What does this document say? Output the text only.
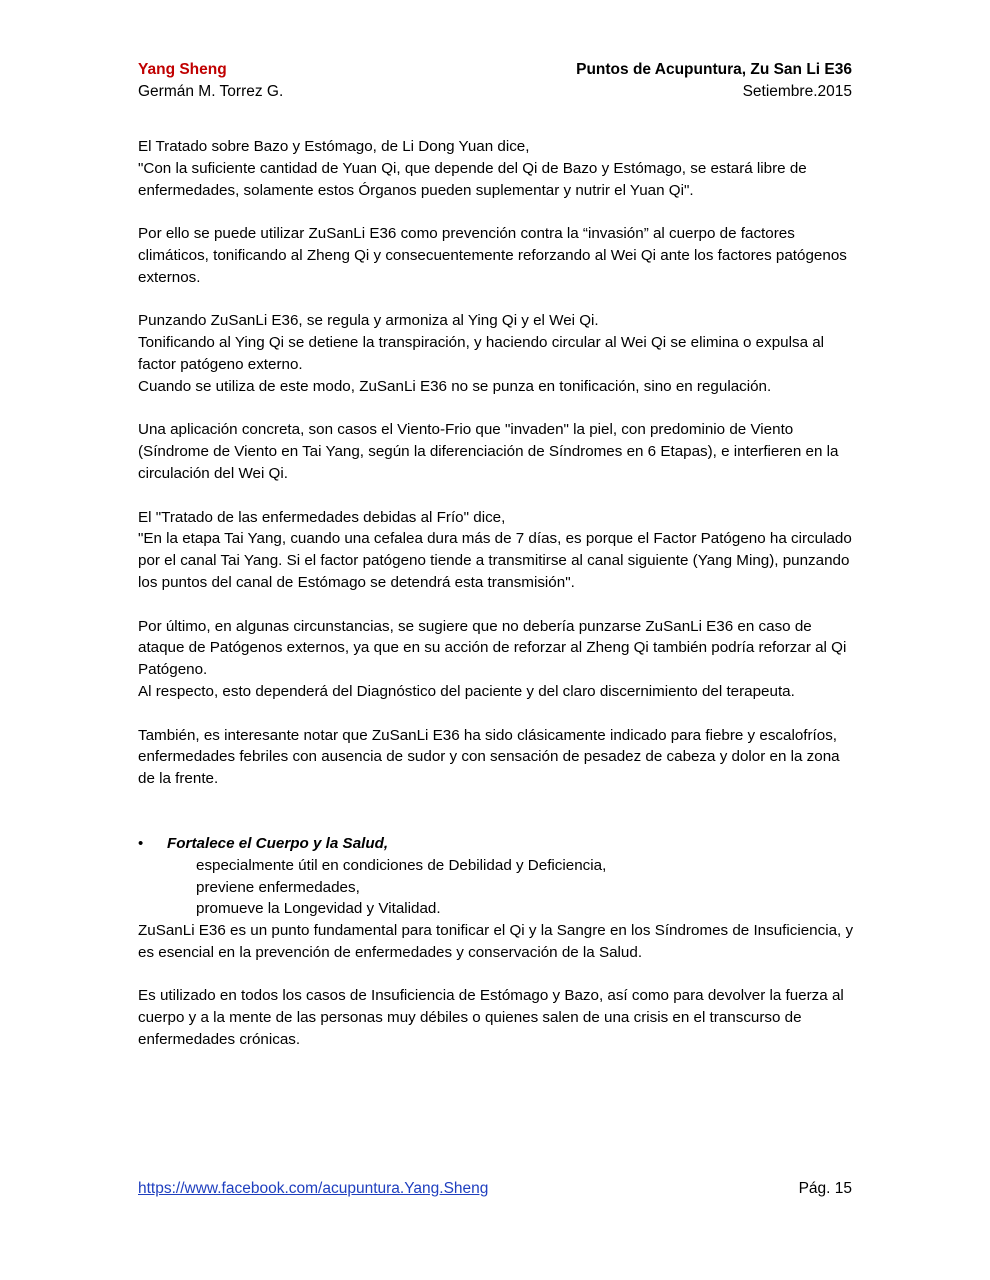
Yang Sheng
Germán M. Torrez G.
Puntos de Acupuntura, Zu San Li E36
Setiembre.2015

El Tratado sobre Bazo y Estómago, de Li Dong Yuan dice,
"Con la suficiente cantidad de Yuan Qi, que depende del Qi de Bazo y Estómago, se estará libre de enfermedades, solamente estos Órganos pueden suplementar y nutrir el Yuan Qi".

Por ello se puede utilizar ZuSanLi E36 como prevención contra la “invasión” al cuerpo de factores climáticos, tonificando al Zheng Qi y consecuentemente reforzando al Wei Qi ante los factores patógenos externos.

Punzando ZuSanLi E36, se regula y armoniza al Ying Qi y el Wei Qi.
Tonificando al Ying Qi se detiene la transpiración, y haciendo circular al Wei Qi se elimina o expulsa al factor patógeno externo.
Cuando se utiliza de este modo, ZuSanLi E36 no se punza en tonificación, sino en regulación.

Una aplicación concreta, son casos el Viento-Frio que "invaden" la piel, con predominio de Viento (Síndrome de Viento en Tai Yang, según la diferenciación de Síndromes en 6 Etapas), e interfieren en la circulación del Wei Qi.

El "Tratado de las enfermedades debidas al Frío" dice,
"En la etapa Tai Yang, cuando una cefalea dura más de 7 días, es porque el Factor Patógeno ha circulado por el canal Tai Yang. Si el factor patógeno tiende a transmitirse al canal siguiente (Yang Ming), punzando los puntos del canal de Estómago se detendrá esta transmisión".

Por último, en algunas circunstancias, se sugiere que no debería punzarse ZuSanLi E36 en caso de ataque de Patógenos externos, ya que en su acción de reforzar al Zheng Qi también podría reforzar al Qi Patógeno.
Al respecto, esto dependerá del Diagnóstico del paciente y del claro discernimiento del terapeuta.

También, es interesante notar que ZuSanLi E36 ha sido clásicamente indicado para fiebre y escalofríos, enfermedades febriles con ausencia de sudor y con sensación de pesadez de cabeza y dolor en la zona de la frente.

• Fortalece el Cuerpo y la Salud,
especialmente útil en condiciones de Debilidad y Deficiencia,
previene enfermedades,
promueve la Longevidad y Vitalidad.

ZuSanLi E36 es un punto fundamental para tonificar el Qi y la Sangre en los Síndromes de Insuficiencia, y es esencial en la prevención de enfermedades y conservación de la Salud.

Es utilizado en todos los casos de Insuficiencia de Estómago y Bazo, así como para devolver la fuerza al cuerpo y a la mente de las personas muy débiles o quienes salen de una crisis en el transcurso de enfermedades crónicas.

https://www.facebook.com/acupuntura.Yang.Sheng	Pág. 15
